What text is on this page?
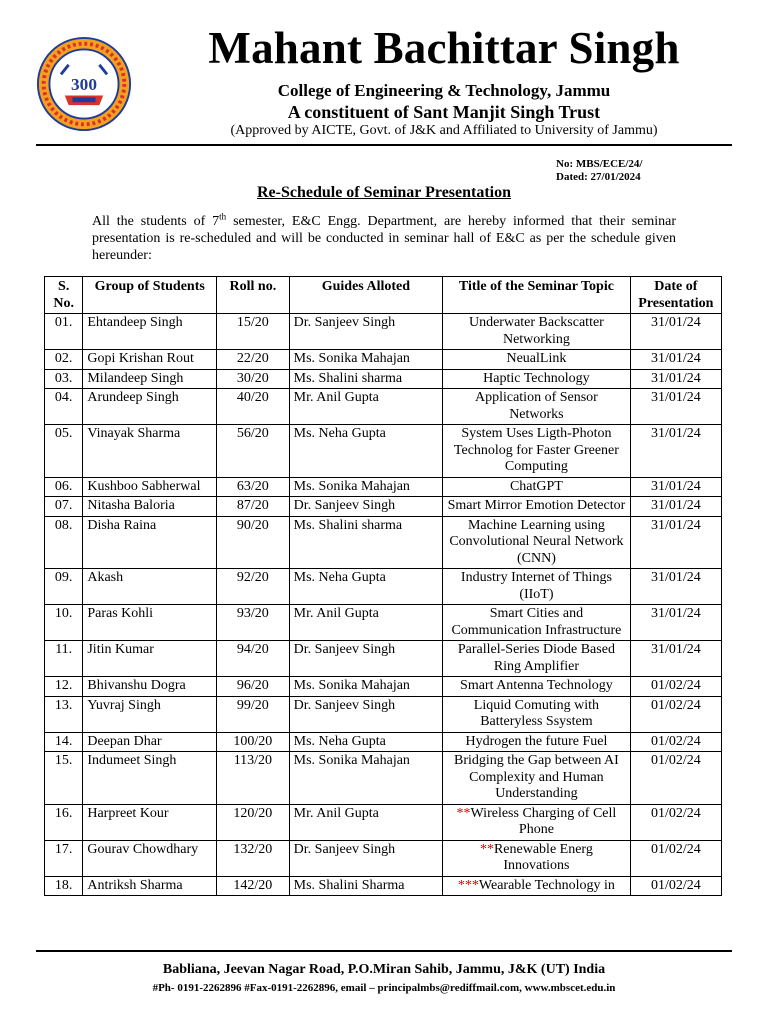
300
Mahant Bachittar Singh
College of Engineering & Technology, Jammu
A constituent of Sant Manjit Singh Trust
(Approved by AICTE, Govt. of J&K and Affiliated to University of Jammu)
No: MBS/ECE/24/
Dated: 27/01/2024
Re-Schedule of Seminar Presentation
All the students of 7th semester, E&C Engg. Department, are hereby informed that their seminar presentation is re-scheduled and will be conducted in seminar hall of E&C as per the schedule given hereunder:
S. No.	Group of Students	Roll no.	Guides Alloted	Title of the Seminar Topic	Date of Presentation
01.	Ehtandeep Singh	15/20	Dr. Sanjeev Singh	Underwater Backscatter Networking	31/01/24
02.	Gopi Krishan Rout	22/20	Ms. Sonika Mahajan	NeualLink	31/01/24
03.	Milandeep Singh	30/20	Ms. Shalini sharma	Haptic Technology	31/01/24
04.	Arundeep Singh	40/20	Mr. Anil Gupta	Application of Sensor Networks	31/01/24
05.	Vinayak Sharma	56/20	Ms. Neha Gupta	System Uses Ligth-Photon Technolog for Faster Greener Computing	31/01/24
06.	Kushboo Sabherwal	63/20	Ms. Sonika Mahajan	ChatGPT	31/01/24
07.	Nitasha Baloria	87/20	Dr. Sanjeev Singh	Smart Mirror Emotion Detector	31/01/24
08.	Disha Raina	90/20	Ms. Shalini sharma	Machine Learning using Convolutional Neural Network (CNN)	31/01/24
09.	Akash	92/20	Ms. Neha Gupta	Industry Internet of Things (IIoT)	31/01/24
10.	Paras Kohli	93/20	Mr. Anil Gupta	Smart Cities and Communication Infrastructure	31/01/24
11.	Jitin Kumar	94/20	Dr. Sanjeev Singh	Parallel-Series Diode Based Ring Amplifier	31/01/24
12.	Bhivanshu Dogra	96/20	Ms. Sonika Mahajan	Smart Antenna Technology	01/02/24
13.	Yuvraj Singh	99/20	Dr. Sanjeev Singh	Liquid Comuting with Batteryless Ssystem	01/02/24
14.	Deepan Dhar	100/20	Ms. Neha Gupta	Hydrogen the future Fuel	01/02/24
15.	Indumeet Singh	113/20	Ms. Sonika Mahajan	Bridging the Gap between AI Complexity and Human Understanding	01/02/24
16.	Harpreet Kour	120/20	Mr. Anil Gupta	**Wireless Charging of Cell Phone	01/02/24
17.	Gourav Chowdhary	132/20	Dr. Sanjeev Singh	**Renewable Energ Innovations	01/02/24
18.	Antriksh Sharma	142/20	Ms. Shalini Sharma	***Wearable Technology in	01/02/24
Babliana, Jeevan Nagar Road, P.O.Miran Sahib, Jammu, J&K (UT) India
#Ph- 0191-2262896 #Fax-0191-2262896, email – principalmbs@rediffmail.com, www.mbscet.edu.in
